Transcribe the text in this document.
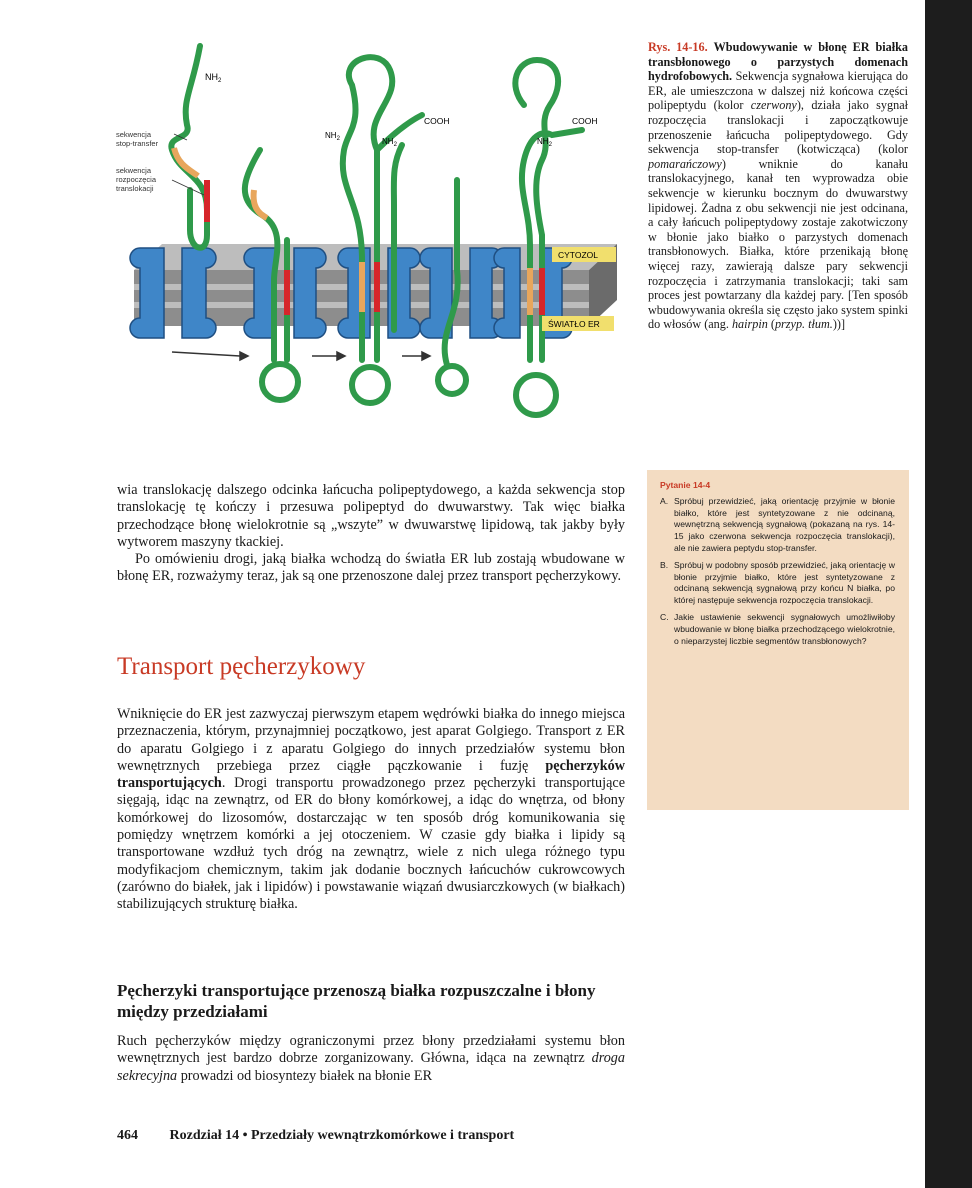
$NH_2$
$NH_2$	$NH_2$	$NH_2$
COOH	COOH
sekwencja stop-transfer
sekwencja rozpoczęcia translokacji
CYTOZOL
ŚWIATŁO ER
Rys. 14-16. Wbudowywanie w błonę ER białka transbłonowego o parzystych domenach hydrofobowych. Sekwencja sygnałowa kierująca do ER, ale umieszczona w dalszej niż końcowa części polipeptydu (kolor czerwony), działa jako sygnał rozpoczęcia translokacji i zapoczątkowuje przenoszenie łańcucha polipeptydowego. Gdy sekwencja stop-transfer (kotwicząca) (kolor pomarańczowy) wniknie do kanału translokacyjnego, kanał ten wyprowadza obie sekwencje w kierunku bocznym do dwuwarstwy lipidowej. Żadna z obu sekwencji nie jest odcinana, a cały łańcuch polipeptydowy zostaje zakotwiczony w błonie jako białko o parzystych domenach transbłonowych. Białka, które przenikają błonę więcej razy, zawierają dalsze pary sekwencji rozpoczęcia i zatrzymania translokacji; taki sam proces jest powtarzany dla każdej pary. [Ten sposób wbudowywania określa się często jako system spinki do włosów (ang. hairpin (przyp. tłum.))]

wia translokację dalszego odcinka łańcucha polipeptydowego, a każda sekwencja stop translokację tę kończy i przesuwa polipeptyd do dwuwarstwy. Tak więc białka przechodzące błonę wielokrotnie są „wszyte” w dwuwarstwę lipidową, tak jakby były wytworem maszyny tkackiej.

Po omówieniu drogi, jaką białka wchodzą do światła ER lub zostają wbudowane w błonę ER, rozważymy teraz, jak są one przenoszone dalej przez transport pęcherzykowy.

Transport pęcherzykowy

Wniknięcie do ER jest zazwyczaj pierwszym etapem wędrówki białka do innego miejsca przeznaczenia, którym, przynajmniej początkowo, jest aparat Golgiego. Transport z ER do aparatu Golgiego i z aparatu Golgiego do innych przedziałów systemu błon wewnętrznych przebiega przez ciągłe pączkowanie i fuzję pęcherzyków transportujących. Drogi transportu prowadzonego przez pęcherzyki transportujące sięgają, idąc na zewnątrz, od ER do błony komórkowej, a idąc do wnętrza, od błony komórkowej do lizosomów, dostarczając w ten sposób dróg komunikowania się pomiędzy wnętrzem komórki a jej otoczeniem. W czasie gdy białka i lipidy są transportowane wzdłuż tych dróg na zewnątrz, wiele z nich ulega różnego typu modyfikacjom chemicznym, takim jak dodanie bocznych łańcuchów cukrowcowych (zarówno do białek, jak i lipidów) i powstawanie wiązań dwusiarczkowych (w białkach) stabilizujących strukturę białka.

Pęcherzyki transportujące przenoszą białka rozpuszczalne i błony między przedziałami

Ruch pęcherzyków między ograniczonymi przez błony przedziałami systemu błon wewnętrznych jest bardzo dobrze zorganizowany. Główna, idąca na zewnątrz droga sekrecyjna prowadzi od biosyntezy białek na błonie ER

Pytanie 14-4
A. Spróbuj przewidzieć, jaką orientację przyjmie w błonie białko, które jest syntetyzowane z nie odcinaną, wewnętrzną sekwencją sygnałową (pokazaną na rys. 14-15 jako czerwona sekwencja rozpoczęcia translokacji), ale nie zawiera peptydu stop-transfer.
B. Spróbuj w podobny sposób przewidzieć, jaką orientację w błonie przyjmie białko, które jest syntetyzowane z odcinaną sekwencją sygnałową przy końcu N białka, po której następuje sekwencja rozpoczęcia translokacji.
C. Jakie ustawienie sekwencji sygnałowych umożliwiłoby wbudowanie w błonę białka przechodzącego wielokrotnie, o nieparzystej liczbie segmentów transbłonowych?
464 Rozdział 14 • Przedziały wewnątrzkomórkowe i transport
